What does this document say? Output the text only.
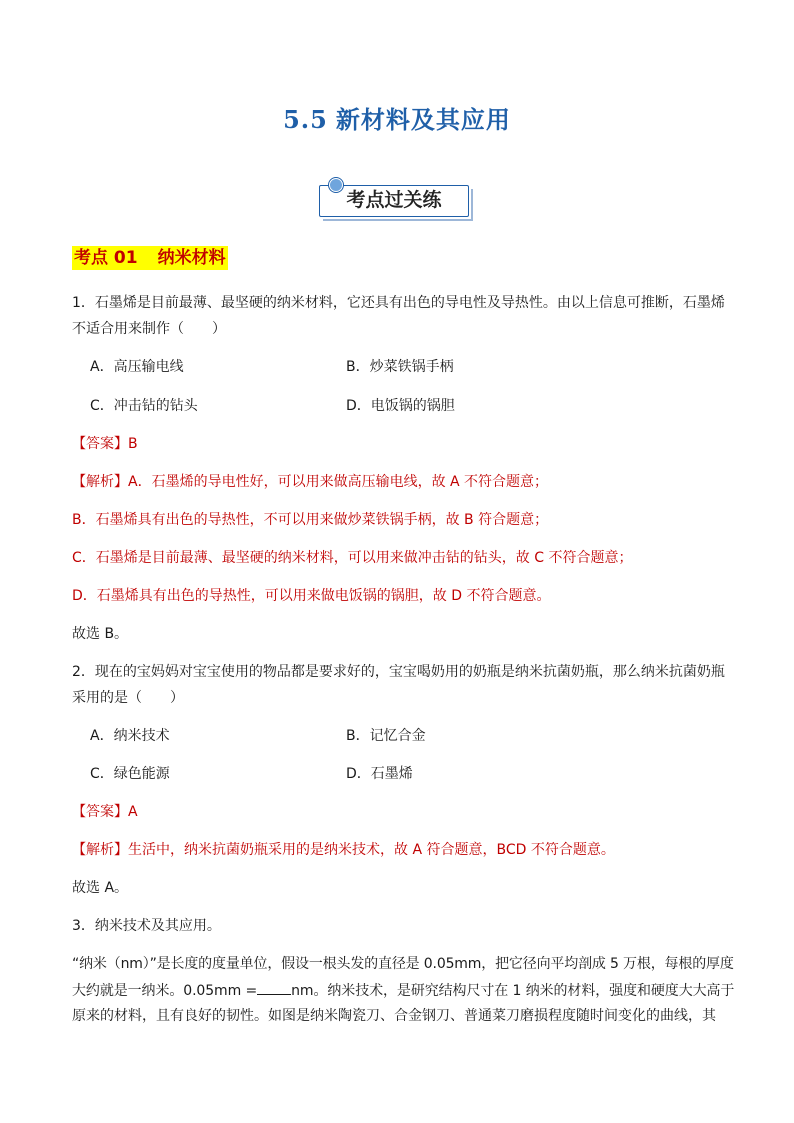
5.5 新材料及其应用
考点过关练
考点 01 纳米材料
1．石墨烯是目前最薄、最坚硬的纳米材料，它还具有出色的导电性及导热性。由以上信息可推断，石墨烯
不适合用来制作（　　）
A．高压输电线	B．炒菜铁锅手柄
C．冲击钻的钻头	D．电饭锅的锅胆
【答案】B
【解析】A．石墨烯的导电性好，可以用来做高压输电线，故 A 不符合题意；
B．石墨烯具有出色的导热性，不可以用来做炒菜铁锅手柄，故 B 符合题意；
C．石墨烯是目前最薄、最坚硬的纳米材料，可以用来做冲击钻的钻头，故 C 不符合题意；
D．石墨烯具有出色的导热性，可以用来做电饭锅的锅胆，故 D 不符合题意。
故选 B。
2．现在的宝妈妈对宝宝使用的物品都是要求好的，宝宝喝奶用的奶瓶是纳米抗菌奶瓶，那么纳米抗菌奶瓶
采用的是（　　）
A．纳米技术	B．记忆合金
C．绿色能源	D．石墨烯
【答案】A
【解析】生活中，纳米抗菌奶瓶采用的是纳米技术，故 A 符合题意，BCD 不符合题意。
故选 A。
3．纳米技术及其应用。
“纳米（nm）”是长度的度量单位，假设一根头发的直径是 0.05mm，把它径向平均剖成 5 万根，每根的厚度
大约就是一纳米。0.05mm = nm。纳米技术，是研究结构尺寸在 1 纳米的材料，强度和硬度大大高于
原来的材料，且有良好的韧性。如图是纳米陶瓷刀、合金钢刀、普通菜刀磨损程度随时间变化的曲线，其
